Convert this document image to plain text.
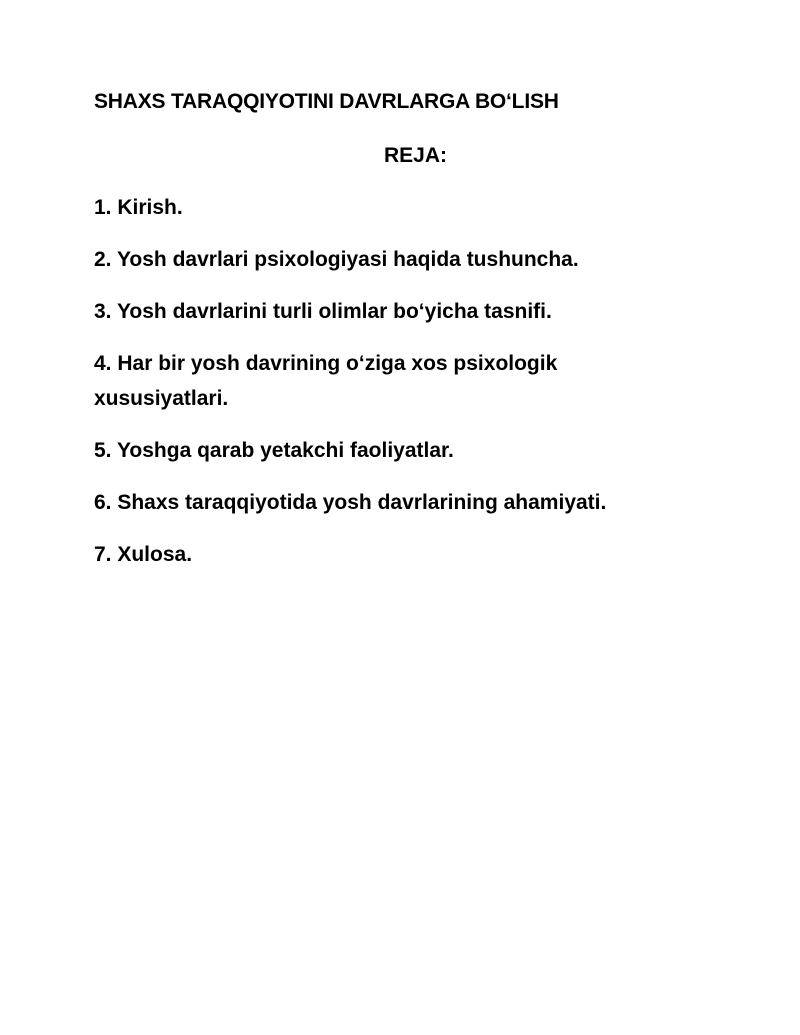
SHAXS TARAQQIYOTINI DAVRLARGA BO‘LISH
REJA:
1. Kirish.
2. Yosh davrlari psixologiyasi haqida tushuncha.
3. Yosh davrlarini turli olimlar bo‘yicha tasnifi.
4. Har bir yosh davrining o‘ziga xos psixologik xususiyatlari.
5. Yoshga qarab yetakchi faoliyatlar.
6. Shaxs taraqqiyotida yosh davrlarining ahamiyati.
7. Xulosa.
